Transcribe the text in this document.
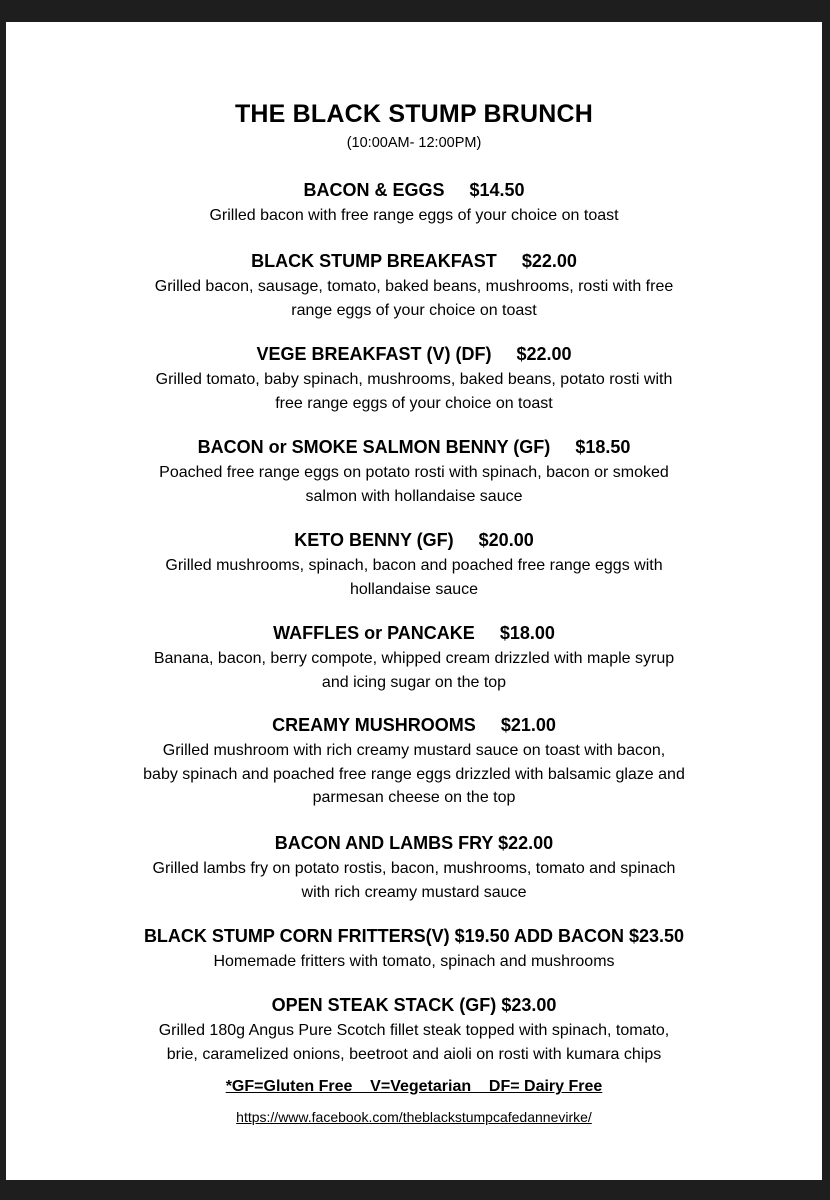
THE BLACK STUMP BRUNCH
(10:00AM- 12:00PM)
BACON & EGGS $14.50
Grilled bacon with free range eggs of your choice on toast
BLACK STUMP BREAKFAST $22.00
Grilled bacon, sausage, tomato, baked beans, mushrooms, rosti with free
range eggs of your choice on toast
VEGE BREAKFAST (V) (DF) $22.00
Grilled tomato, baby spinach, mushrooms, baked beans, potato rosti with
free range eggs of your choice on toast
BACON or SMOKE SALMON BENNY (GF) $18.50
Poached free range eggs on potato rosti with spinach, bacon or smoked
salmon with hollandaise sauce
KETO BENNY (GF) $20.00
Grilled mushrooms, spinach, bacon and poached free range eggs with
hollandaise sauce
WAFFLES or PANCAKE $18.00
Banana, bacon, berry compote, whipped cream drizzled with maple syrup
and icing sugar on the top
CREAMY MUSHROOMS $21.00
Grilled mushroom with rich creamy mustard sauce on toast with bacon,
baby spinach and poached free range eggs drizzled with balsamic glaze and
parmesan cheese on the top
BACON AND LAMBS FRY $22.00
Grilled lambs fry on potato rostis, bacon, mushrooms, tomato and spinach
with rich creamy mustard sauce
BLACK STUMP CORN FRITTERS(V) $19.50 ADD BACON $23.50
Homemade fritters with tomato, spinach and mushrooms
OPEN STEAK STACK (GF) $23.00
Grilled 180g Angus Pure Scotch fillet steak topped with spinach, tomato,
brie, caramelized onions, beetroot and aioli on rosti with kumara chips
*GF=Gluten Free    V=Vegetarian    DF= Dairy Free
https://www.facebook.com/theblackstumpcafedannevirke/
